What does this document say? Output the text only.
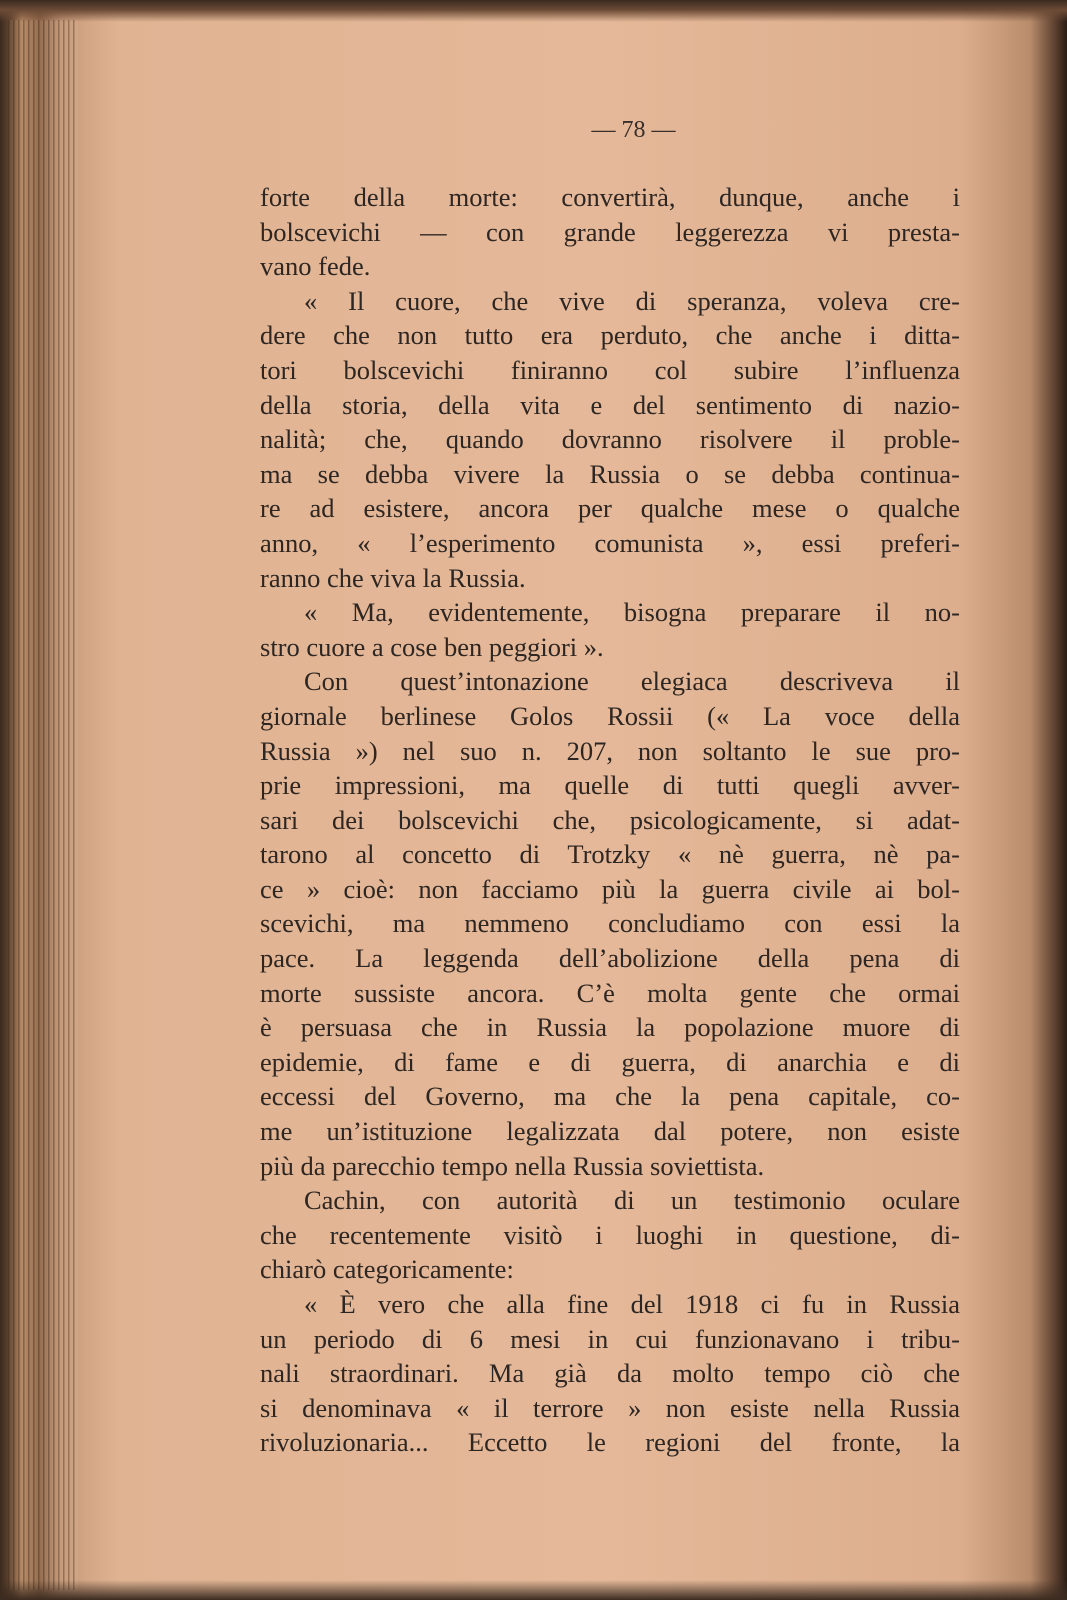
— 78 —
forte della morte: convertirà, dunque, anche i
bolscevichi — con grande leggerezza vi presta-
vano fede.
« Il cuore, che vive di speranza, voleva cre-
dere che non tutto era perduto, che anche i ditta-
tori bolscevichi finiranno col subire l’influenza
della storia, della vita e del sentimento di nazio-
nalità; che, quando dovranno risolvere il proble-
ma se debba vivere la Russia o se debba continua-
re ad esistere, ancora per qualche mese o qualche
anno, « l’esperimento comunista », essi preferi-
ranno che viva la Russia.
« Ma, evidentemente, bisogna preparare il no-
stro cuore a cose ben peggiori ».
Con quest’intonazione elegiaca descriveva il
giornale berlinese Golos Rossii (« La voce della
Russia ») nel suo n. 207, non soltanto le sue pro-
prie impressioni, ma quelle di tutti quegli avver-
sari dei bolscevichi che, psicologicamente, si adat-
tarono al concetto di Trotzky « nè guerra, nè pa-
ce » cioè: non facciamo più la guerra civile ai bol-
scevichi, ma nemmeno concludiamo con essi la
pace. La leggenda dell’abolizione della pena di
morte sussiste ancora. C’è molta gente che ormai
è persuasa che in Russia la popolazione muore di
epidemie, di fame e di guerra, di anarchia e di
eccessi del Governo, ma che la pena capitale, co-
me un’istituzione legalizzata dal potere, non esiste
più da parecchio tempo nella Russia soviettista.
Cachin, con autorità di un testimonio oculare
che recentemente visitò i luoghi in questione, di-
chiarò categoricamente:
« È vero che alla fine del 1918 ci fu in Russia
un periodo di 6 mesi in cui funzionavano i tribu-
nali straordinari. Ma già da molto tempo ciò che
si denominava « il terrore » non esiste nella Russia
rivoluzionaria... Eccetto le regioni del fronte, la
